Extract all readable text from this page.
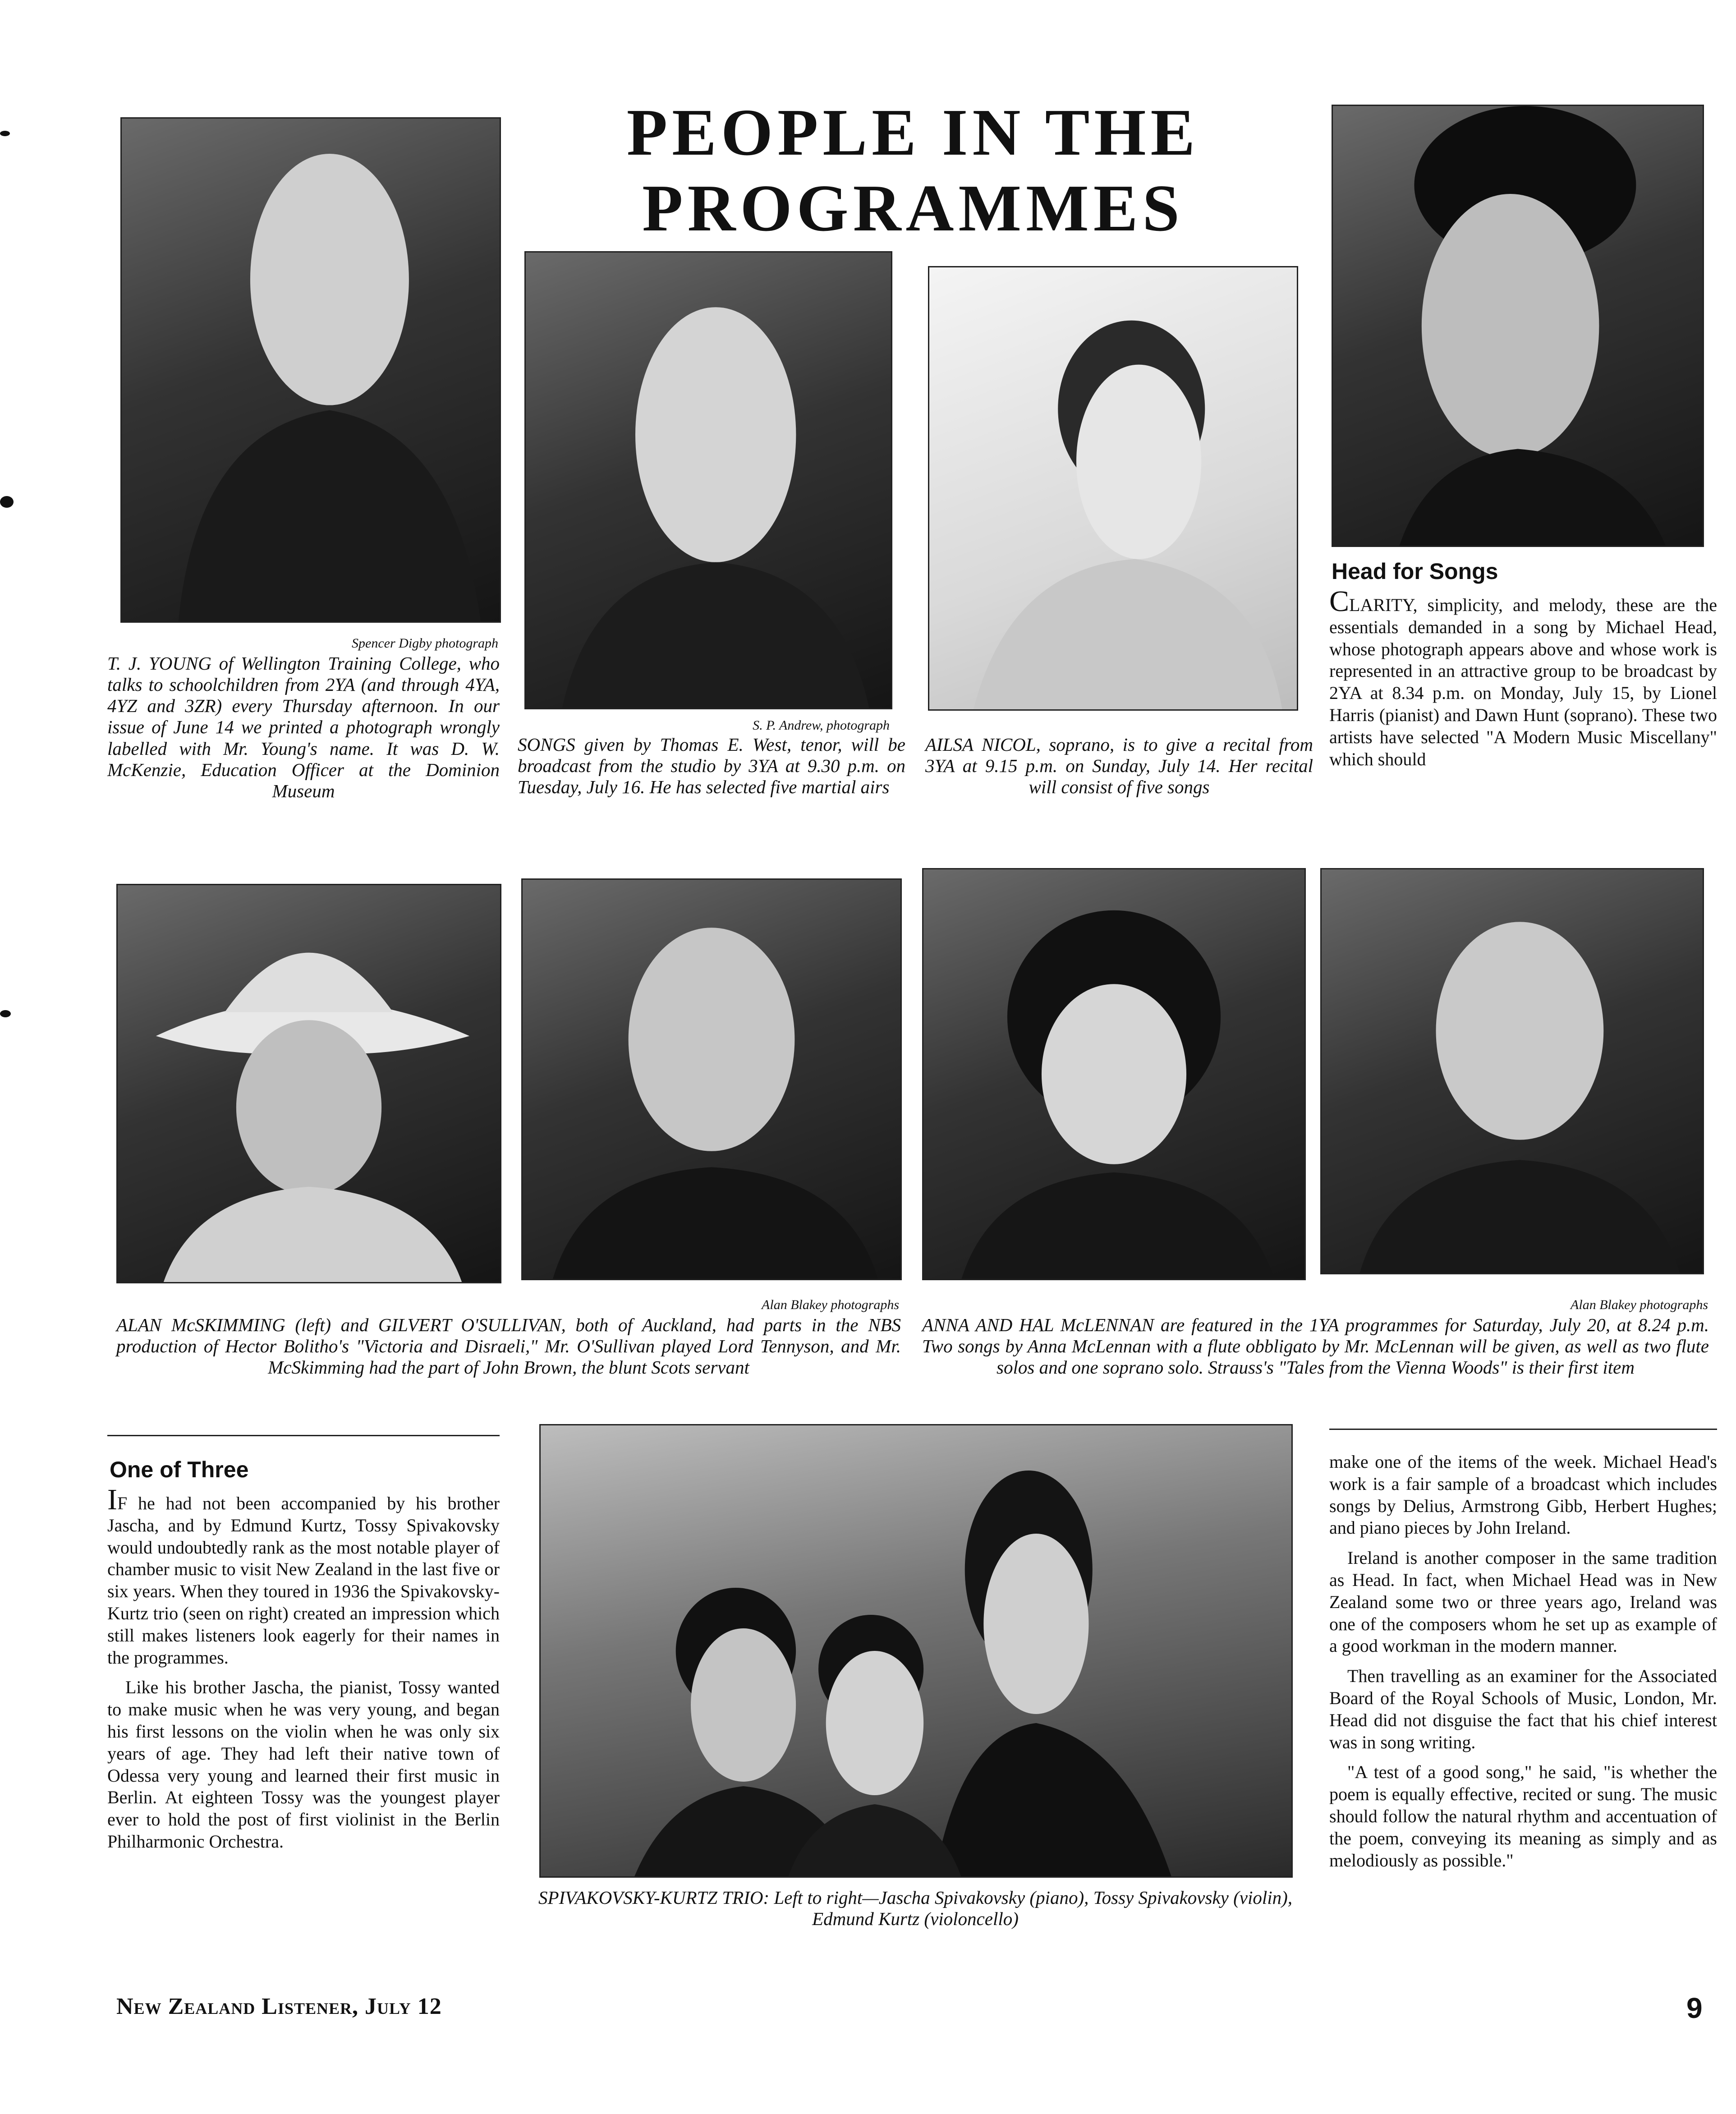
PEOPLE IN THE
PROGRAMMES
Spencer Digby photograph
T. J. YOUNG of Wellington Training College, who talks to schoolchildren from 2YA (and through 4YA, 4YZ and 3ZR) every Thursday afternoon. In our issue of June 14 we printed a photograph wrongly labelled with Mr. Young's name. It was D. W. McKenzie, Education Officer at the Dominion Museum
S. P. Andrew, photograph
SONGS given by Thomas E. West, tenor, will be broadcast from the studio by 3YA at 9.30 p.m. on Tuesday, July 16. He has selected five martial airs
AILSA NICOL, soprano, is to give a recital from 3YA at 9.15 p.m. on Sunday, July 14. Her recital will consist of five songs
Head for Songs

CLARITY, simplicity, and melody, these are the essentials demanded in a song by Michael Head, whose photograph appears above and whose work is represented in an attractive group to be broadcast by 2YA at 8.34 p.m. on Monday, July 15, by Lionel Harris (pianist) and Dawn Hunt (soprano). These two artists have selected "A Modern Music Miscellany" which should

Alan Blakey photographs
ALAN McSKIMMING (left) and GILVERT O'SULLIVAN, both of Auckland, had parts in the NBS production of Hector Bolitho's "Victoria and Disraeli," Mr. O'Sullivan played Lord Tennyson, and Mr. McSkimming had the part of John Brown, the blunt Scots servant
Alan Blakey photographs
ANNA AND HAL McLENNAN are featured in the 1YA programmes for Saturday, July 20, at 8.24 p.m. Two songs by Anna McLennan with a flute obbligato by Mr. McLennan will be given, as well as two flute solos and one soprano solo. Strauss's "Tales from the Vienna Woods" is their first item
One of Three

IF he had not been accompanied by his brother Jascha, and by Edmund Kurtz, Tossy Spivakovsky would undoubtedly rank as the most notable player of chamber music to visit New Zealand in the last five or six years. When they toured in 1936 the Spivakovsky-Kurtz trio (seen on right) created an impression which still makes listeners look eagerly for their names in the programmes.

Like his brother Jascha, the pianist, Tossy wanted to make music when he was very young, and began his first lessons on the violin when he was only six years of age. They had left their native town of Odessa very young and learned their first music in Berlin. At eighteen Tossy was the youngest player ever to hold the post of first violinist in the Berlin Philharmonic Orchestra.

SPIVAKOVSKY-KURTZ TRIO: Left to right—Jascha Spivakovsky (piano), Tossy Spivakovsky (violin), Edmund Kurtz (violoncello)

make one of the items of the week. Michael Head's work is a fair sample of a broadcast which includes songs by Delius, Armstrong Gibb, Herbert Hughes; and piano pieces by John Ireland.

Ireland is another composer in the same tradition as Head. In fact, when Michael Head was in New Zealand some two or three years ago, Ireland was one of the composers whom he set up as example of a good workman in the modern manner.

Then travelling as an examiner for the Associated Board of the Royal Schools of Music, London, Mr. Head did not disguise the fact that his chief interest was in song writing.

"A test of a good song," he said, "is whether the poem is equally effective, recited or sung. The music should follow the natural rhythm and accentuation of the poem, conveying its meaning as simply and as melodiously as possible."

New Zealand Listener, July 12	9
